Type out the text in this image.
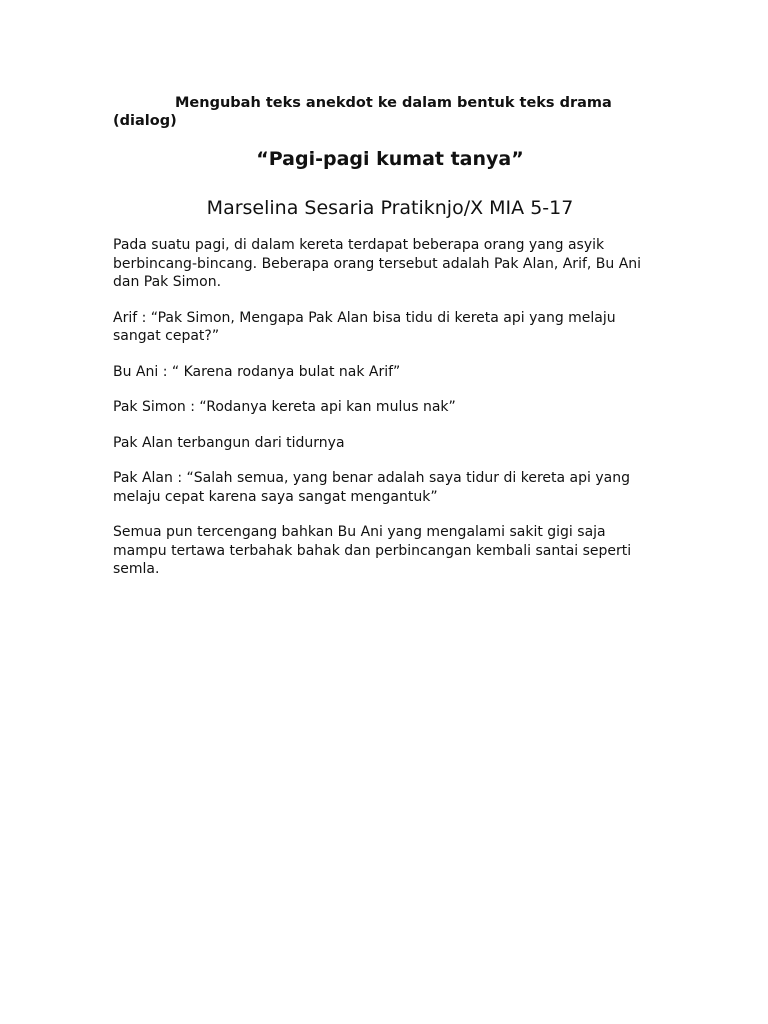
Mengubah teks anekdot ke dalam bentuk teks drama (dialog)

“Pagi-pagi kumat tanya”

Marselina Sesaria Pratiknjo/X MIA 5-17

Pada suatu pagi, di dalam kereta terdapat beberapa orang yang asyik berbincang-bincang. Beberapa orang tersebut adalah Pak Alan, Arif, Bu Ani dan Pak Simon.

Arif : “Pak Simon, Mengapa Pak Alan bisa tidu di kereta api yang melaju sangat cepat?”

Bu Ani : “ Karena rodanya bulat nak Arif”

Pak Simon : “Rodanya kereta api kan mulus nak”

Pak Alan terbangun dari tidurnya

Pak Alan : “Salah semua, yang benar adalah saya tidur di kereta api yang melaju cepat karena saya sangat mengantuk”

Semua pun tercengang bahkan Bu Ani yang mengalami sakit gigi saja mampu tertawa terbahak bahak dan perbincangan kembali santai seperti semla.
